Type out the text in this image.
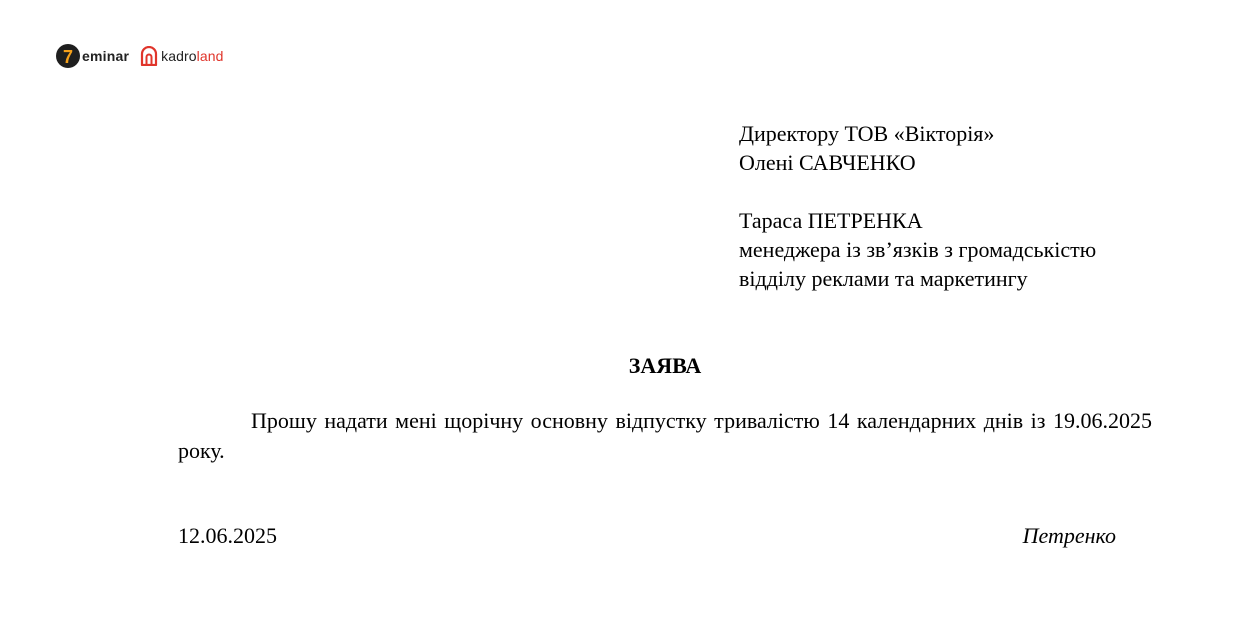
7 eminar kadroland
Директору ТОВ «Вікторія»
Олені САВЧЕНКО
Тараса ПЕТРЕНКА
менеджера із зв’язків з громадськістю
відділу реклами та маркетингу
ЗАЯВА
Прошу надати мені щорічну основну відпустку тривалістю 14 календарних днів із 19.06.2025 року.
12.06.2025	Петренко
